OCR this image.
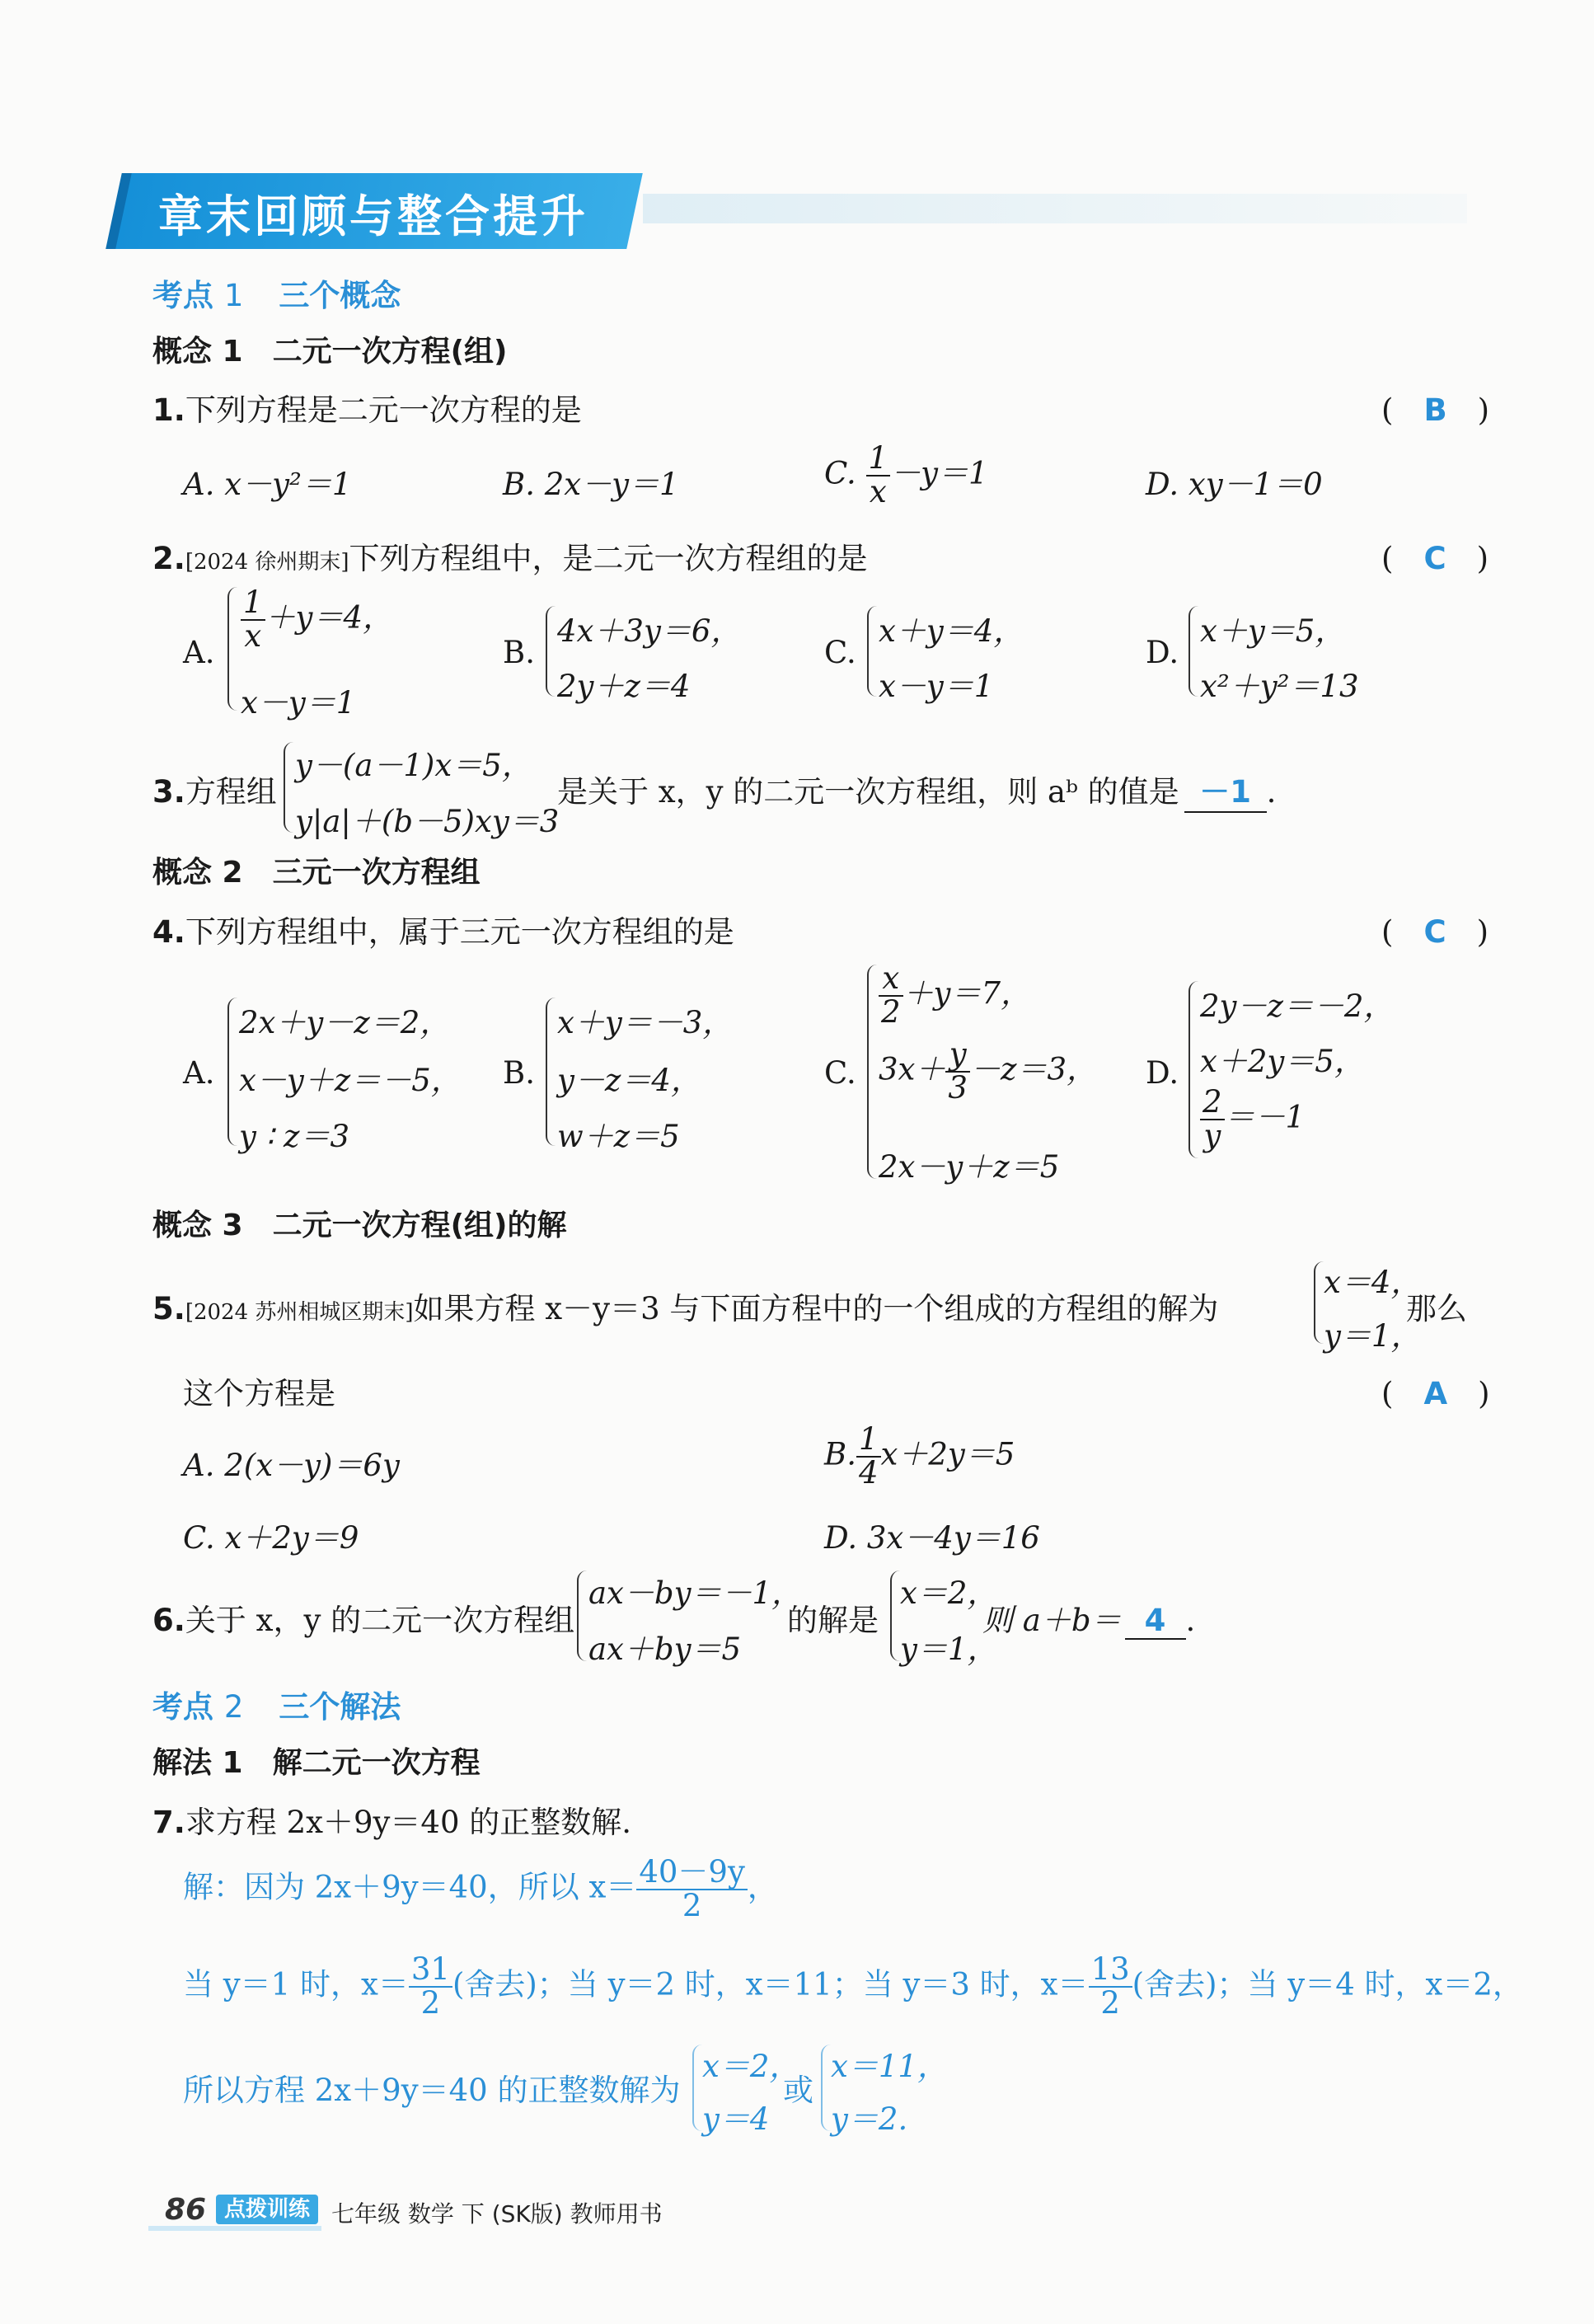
章末回顾与整合提升
考点 1 三个概念
概念 1　二元一次方程(组)
1.下列方程是二元一次方程的是	(　B　)
A. x－y²＝1	B. 2x－y＝1	C. $\frac{1}{x} -y=1$	D. xy－1＝0
2.[2024 徐州期末]下列方程组中，是二元一次方程组的是	(　C　)
A. $\frac{1}{x} +y=4$，
x－y＝1
B.
4x＋3y＝6，
2y＋z＝4
C.
x＋y＝4，
x－y＝1
D.
x＋y＝5，
x²＋y²＝13
3.方程组
y－(a－1)x＝5，
y|a|＋(b－5)xy＝3
是关于 x，y 的二元一次方程组，则 aᵇ 的值是 －1 .
概念 2　三元一次方程组
4.下列方程组中，属于三元一次方程组的是	(　C　)
A.
2x＋y－z＝2，
x－y＋z＝－5，
y ∶ z＝3
B.
x＋y＝－3，
y－z＝4，
w＋z＝5
C.
$\frac{x}{2} +y=7$，
$3x+ \frac{y}{3} -z=3$，
2x－y＋z＝5
D.
2y－z＝－2，
x＋2y＝5，
$\frac{2}{y} =-1$
概念 3　二元一次方程(组)的解
5.[2024 苏州相城区期末]如果方程 x－y＝3 与下面方程中的一个组成的方程组的解为
x＝4，
y＝1，
那么
这个方程是	(　A　)
A. 2(x－y)＝6y	B. $\frac{1}{4} x+2y=5$
C. x＋2y＝9	D. 3x－4y＝16
6.关于 x，y 的二元一次方程组
ax－by＝－1，
ax＋by＝5
的解是
x＝2，
y＝1，
则 a＋b＝ 4 .
考点 2 三个解法
解法 1　解二元一次方程
7.求方程 2x＋9y＝40 的正整数解.
解：因为 2x＋9y＝40，所以 $x= \frac{40-9y}{2}$ ，
当 y＝1 时，$x= \frac{31}{2}$ (舍去)；当 y＝2 时，x＝11；当 y＝3 时，$x= \frac{13}{2}$ (舍去)；当 y＝4 时，x＝2，
所以方程 2x＋9y＝40 的正整数解为
x＝2，
y＝4
或
x＝11，
y＝2.
86 点拨训练 七年级 数学 下 (SK版) 教师用书
